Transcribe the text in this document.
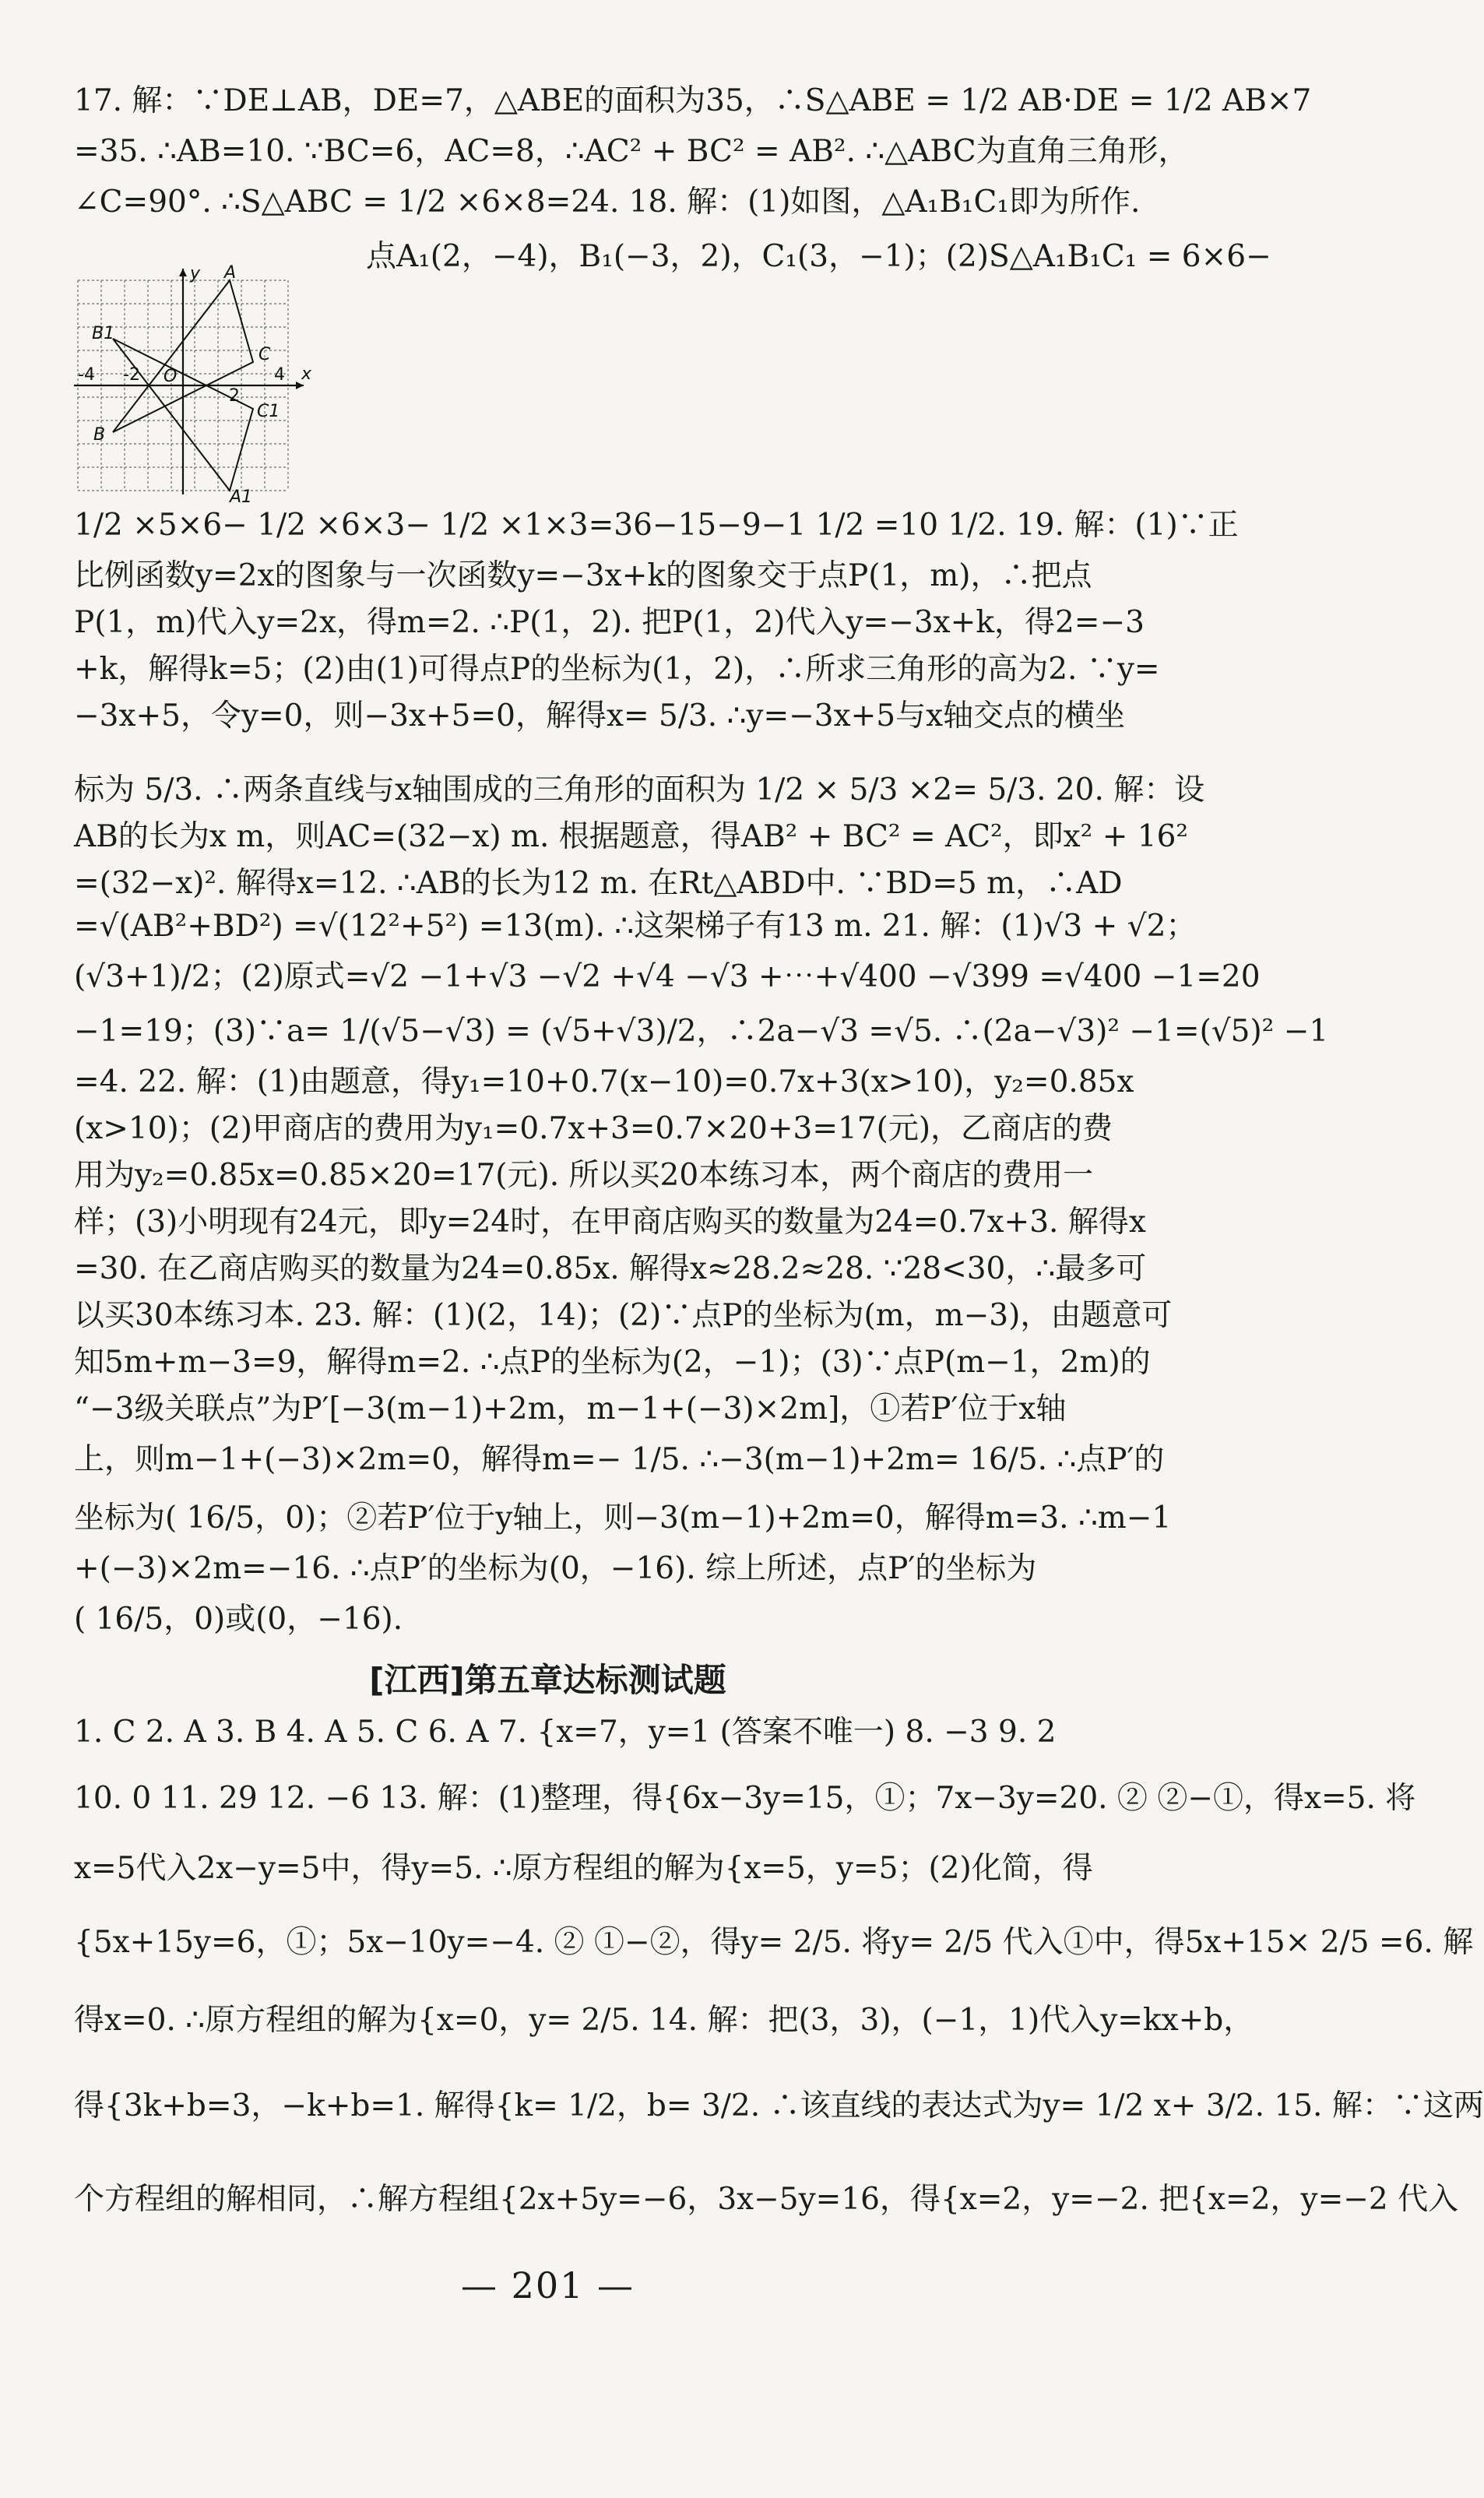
y
x
O
A
B
C
B1
C1
A1
-4 -2
2
4
17. 解：∵DE⊥AB，DE=7，△ABE的面积为35，∴S△ABE = 1/2 AB·DE = 1/2 AB×7
=35. ∴AB=10. ∵BC=6，AC=8，∴AC² + BC² = AB². ∴△ABC为直角三角形，
∠C=90°. ∴S△ABC = 1/2 ×6×8=24. 18. 解：(1)如图，△A₁B₁C₁即为所作.
点A₁(2，−4)，B₁(−3，2)，C₁(3，−1)；(2)S△A₁B₁C₁ = 6×6−
1/2 ×5×6− 1/2 ×6×3− 1/2 ×1×3=36−15−9−1 1/2 =10 1/2. 19. 解：(1)∵正
比例函数y=2x的图象与一次函数y=−3x+k的图象交于点P(1，m)，∴把点
P(1，m)代入y=2x，得m=2. ∴P(1，2). 把P(1，2)代入y=−3x+k，得2=−3
+k，解得k=5；(2)由(1)可得点P的坐标为(1，2)，∴所求三角形的高为2. ∵y=
−3x+5，令y=0，则−3x+5=0，解得x= 5/3. ∴y=−3x+5与x轴交点的横坐
标为 5/3. ∴两条直线与x轴围成的三角形的面积为 1/2 × 5/3 ×2= 5/3. 20. 解：设
AB的长为x m，则AC=(32−x) m. 根据题意，得AB² + BC² = AC²，即x² + 16²
=(32−x)². 解得x=12. ∴AB的长为12 m. 在Rt△ABD中. ∵BD=5 m，∴AD
=√(AB²+BD²) =√(12²+5²) =13(m). ∴这架梯子有13 m. 21. 解：(1)√3 + √2；
(√3+1)/2；(2)原式=√2 −1+√3 −√2 +√4 −√3 +⋯+√400 −√399 =√400 −1=20
−1=19；(3)∵a= 1/(√5−√3) = (√5+√3)/2，∴2a−√3 =√5. ∴(2a−√3)² −1=(√5)² −1
=4. 22. 解：(1)由题意，得y₁=10+0.7(x−10)=0.7x+3(x>10)，y₂=0.85x
(x>10)；(2)甲商店的费用为y₁=0.7x+3=0.7×20+3=17(元)，乙商店的费
用为y₂=0.85x=0.85×20=17(元). 所以买20本练习本，两个商店的费用一
样；(3)小明现有24元，即y=24时，在甲商店购买的数量为24=0.7x+3. 解得x
=30. 在乙商店购买的数量为24=0.85x. 解得x≈28.2≈28. ∵28<30，∴最多可
以买30本练习本. 23. 解：(1)(2，14)；(2)∵点P的坐标为(m，m−3)，由题意可
知5m+m−3=9，解得m=2. ∴点P的坐标为(2，−1)；(3)∵点P(m−1，2m)的
“−3级关联点”为P′[−3(m−1)+2m，m−1+(−3)×2m]，①若P′位于x轴
上，则m−1+(−3)×2m=0，解得m=− 1/5. ∴−3(m−1)+2m= 16/5. ∴点P′的
坐标为( 16/5，0)；②若P′位于y轴上，则−3(m−1)+2m=0，解得m=3. ∴m−1
+(−3)×2m=−16. ∴点P′的坐标为(0，−16). 综上所述，点P′的坐标为
( 16/5，0)或(0，−16).
[江西]第五章达标测试题
1. C 2. A 3. B 4. A 5. C 6. A 7. {x=7，y=1 (答案不唯一) 8. −3 9. 2
10. 0 11. 29 12. −6 13. 解：(1)整理，得{6x−3y=15，①；7x−3y=20. ② ②−①，得x=5. 将
x=5代入2x−y=5中，得y=5. ∴原方程组的解为{x=5，y=5；(2)化简，得
{5x+15y=6，①；5x−10y=−4. ② ①−②，得y= 2/5. 将y= 2/5 代入①中，得5x+15× 2/5 =6. 解
得x=0. ∴原方程组的解为{x=0，y= 2/5. 14. 解：把(3，3)，(−1，1)代入y=kx+b，
得{3k+b=3，−k+b=1. 解得{k= 1/2，b= 3/2. ∴该直线的表达式为y= 1/2 x+ 3/2. 15. 解：∵这两
个方程组的解相同，∴解方程组{2x+5y=−6，3x−5y=16，得{x=2，y=−2. 把{x=2，y=−2 代入
— 201 —
